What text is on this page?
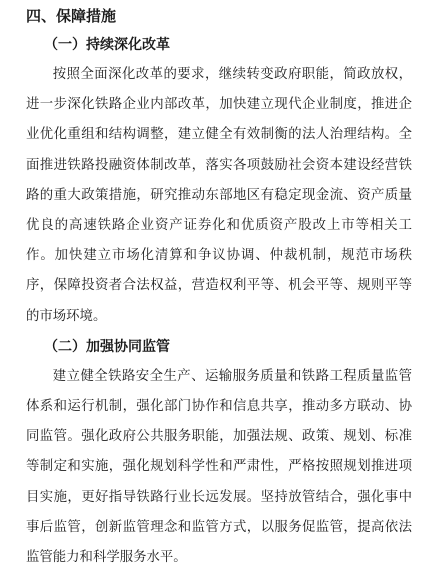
四、保障措施
（一）持续深化改革

按照全面深化改革的要求，继续转变政府职能，简政放权，进一步深化铁路企业内部改革，加快建立现代企业制度，推进企业优化重组和结构调整，建立健全有效制衡的法人治理结构。全面推进铁路投融资体制改革，落实各项鼓励社会资本建设经营铁路的重大政策措施，研究推动东部地区有稳定现金流、资产质量优良的高速铁路企业资产证券化和优质资产股改上市等相关工作。加快建立市场化清算和争议协调、仲裁机制，规范市场秩序，保障投资者合法权益，营造权利平等、机会平等、规则平等的市场环境。

（二）加强协同监管

建立健全铁路安全生产、运输服务质量和铁路工程质量监管体系和运行机制，强化部门协作和信息共享，推动多方联动、协同监管。强化政府公共服务职能，加强法规、政策、规划、标准等制定和实施，强化规划科学性和严肃性，严格按照规划推进项目实施，更好指导铁路行业长远发展。坚持放管结合，强化事中事后监管，创新监管理念和监管方式，以服务促监管，提高依法监管能力和科学服务水平。
